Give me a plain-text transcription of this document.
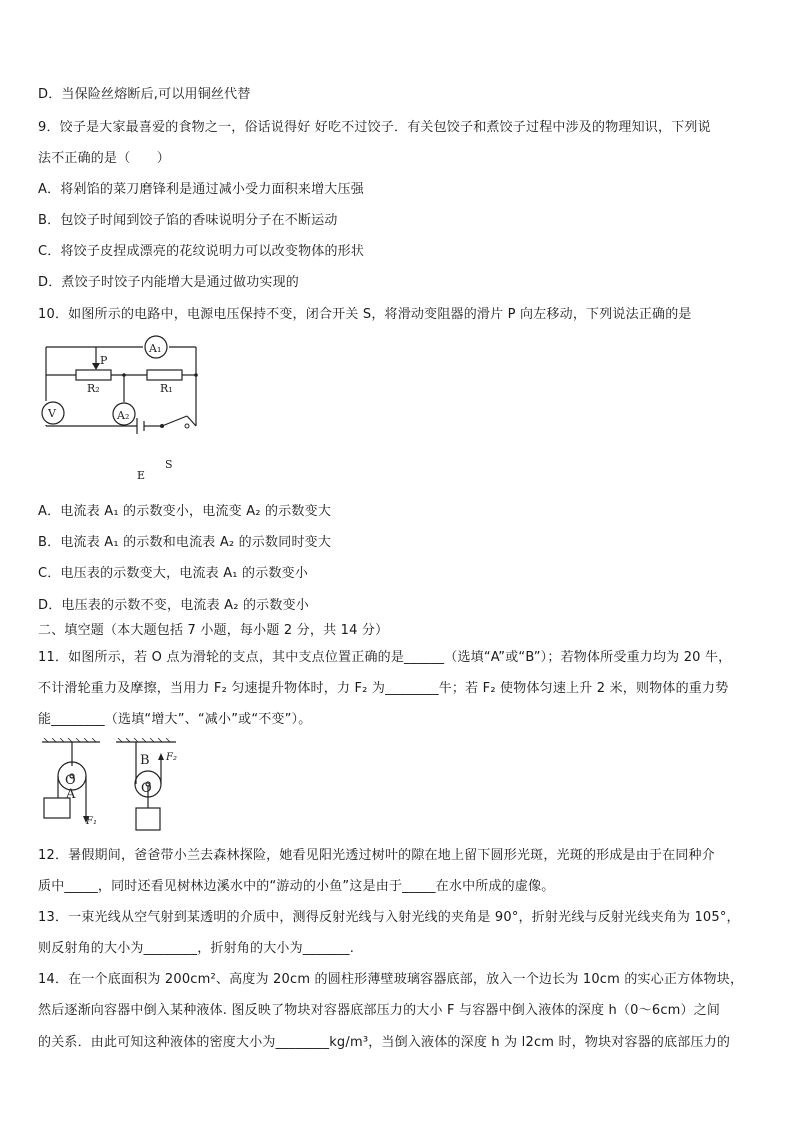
D．当保险丝熔断后,可以用铜丝代替
9．饺子是大家最喜爱的食物之一，俗话说得好 好吃不过饺子．有关包饺子和煮饺子过程中涉及的物理知识，下列说
法不正确的是（　　）
A．将剁馅的菜刀磨锋利是通过减小受力面积来增大压强
B．包饺子时闻到饺子馅的香味说明分子在不断运动
C．将饺子皮捏成漂亮的花纹说明力可以改变物体的形状
D．煮饺子时饺子内能增大是通过做功实现的
10．如图所示的电路中，电源电压保持不变，闭合开关 S，将滑动变阻器的滑片 P 向左移动，下列说法正确的是
A₁
A₂
V
P
R₂	R₁
E
S
A．电流表 A₁ 的示数变小，电流变 A₂ 的示数变大
B．电流表 A₁ 的示数和电流表 A₂ 的示数同时变大
C．电压表的示数变大，电流表 A₁ 的示数变小
D．电压表的示数不变，电流表 A₂ 的示数变小
二、填空题（本大题包括 7 小题，每小题 2 分，共 14 分）
11．如图所示，若 O 点为滑轮的支点，其中支点位置正确的是______（选填“A”或“B”）；若物体所受重力均为 20 牛，
不计滑轮重力及摩擦，当用力 F₂ 匀速提升物体时，力 F₂ 为________牛；若 F₂ 使物体匀速上升 2 米，则物体的重力势
能________（选填“增大”、“减小”或“不变”）。
O
A
F₁
B
O
F₂
12．暑假期间，爸爸带小兰去森林探险，她看见阳光透过树叶的隙在地上留下圆形光斑，光斑的形成是由于在同种介
质中_____，同时还看见树林边溪水中的“游动的小鱼”这是由于_____在水中所成的虚像。
13．一束光线从空气射到某透明的介质中，测得反射光线与入射光线的夹角是 90°，折射光线与反射光线夹角为 105°，
则反射角的大小为________，折射角的大小为_______.
14．在一个底面积为 200cm²、高度为 20cm 的圆柱形薄壁玻璃容器底部，放入一个边长为 10cm 的实心正方体物块，
然后逐渐向容器中倒入某种液体. 图反映了物块对容器底部压力的大小 F 与容器中倒入液体的深度 h（0～6cm）之间
的关系．由此可知这种液体的密度大小为________kg/m³，当倒入液体的深度 h 为 l2cm 时，物块对容器的底部压力的
